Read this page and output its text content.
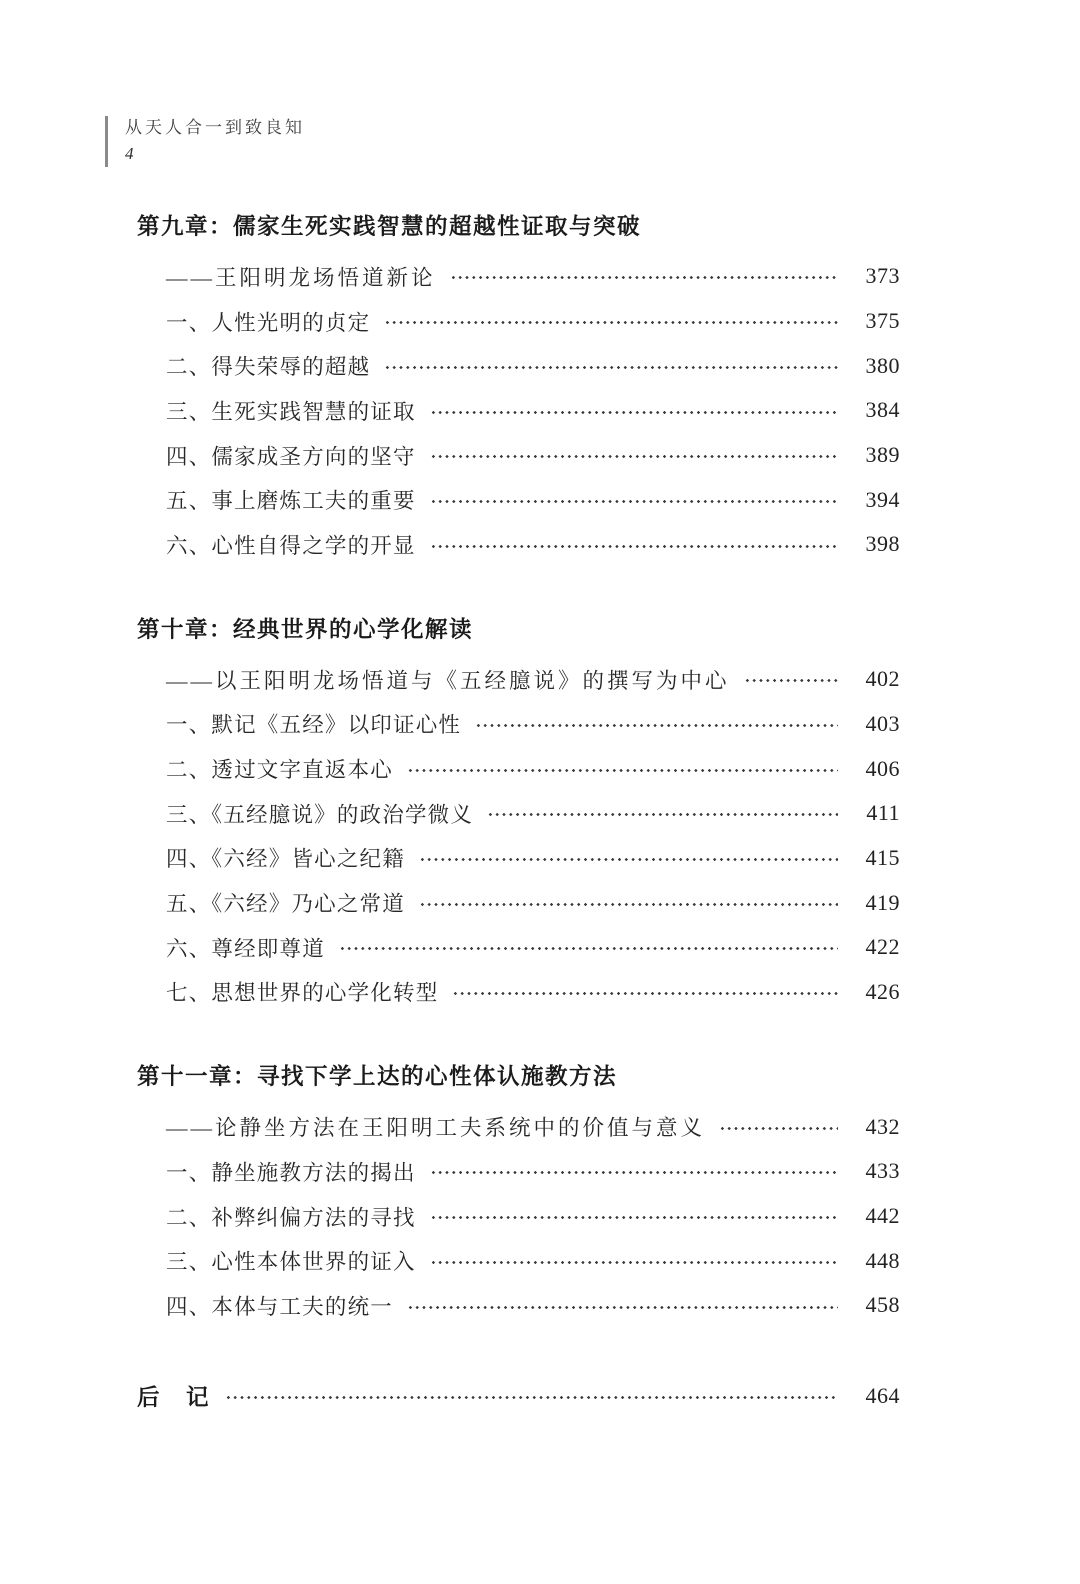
从天人合一到致良知
4
第九章：儒家生死实践智慧的超越性证取与突破
——王阳明龙场悟道新论	373
一、人性光明的贞定	375
二、得失荣辱的超越	380
三、生死实践智慧的证取	384
四、儒家成圣方向的坚守	389
五、事上磨炼工夫的重要	394
六、心性自得之学的开显	398
第十章：经典世界的心学化解读
——以王阳明龙场悟道与《五经臆说》的撰写为中心	402
一、默记《五经》以印证心性	403
二、透过文字直返本心	406
三、《五经臆说》的政治学微义	411
四、《六经》皆心之纪籍	415
五、《六经》乃心之常道	419
六、尊经即尊道	422
七、思想世界的心学化转型	426
第十一章：寻找下学上达的心性体认施教方法
——论静坐方法在王阳明工夫系统中的价值与意义	432
一、静坐施教方法的揭出	433
二、补弊纠偏方法的寻找	442
三、心性本体世界的证入	448
四、本体与工夫的统一	458
后　记	464
